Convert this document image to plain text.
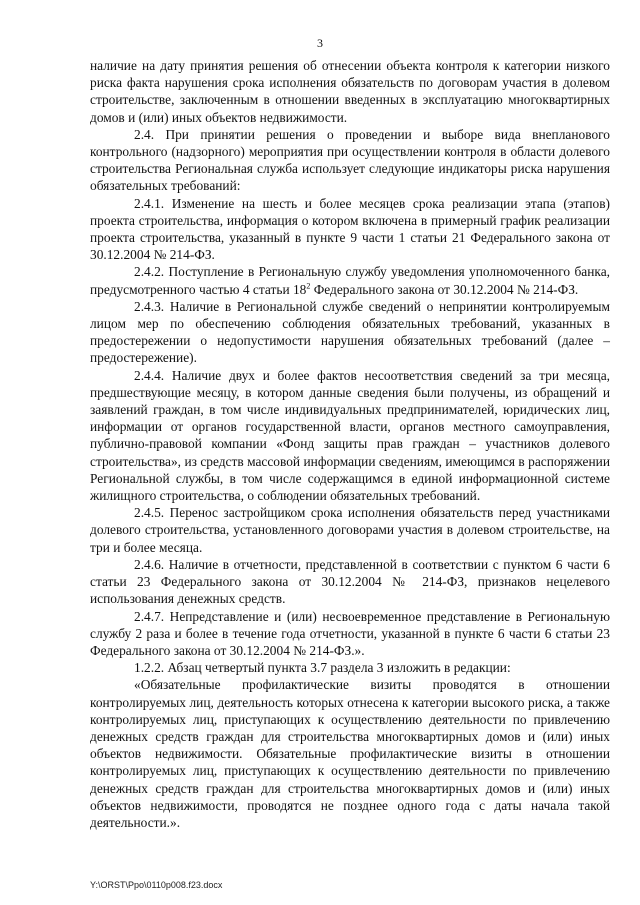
3

наличие на дату принятия решения об отнесении объекта контроля к категории низкого риска факта нарушения срока исполнения обязательств по договорам участия в долевом строительстве, заключенным в отношении введенных в эксплуатацию многоквартирных домов и (или) иных объектов недвижимости.

2.4. При принятии решения о проведении и выборе вида внепланового контрольного (надзорного) мероприятия при осуществлении контроля в области долевого строительства Региональная служба использует следующие индикаторы риска нарушения обязательных требований:

2.4.1. Изменение на шесть и более месяцев срока реализации этапа (этапов) проекта строительства, информация о котором включена в примерный график реализации проекта строительства, указанный в пункте 9 части 1 статьи 21 Федерального закона от 30.12.2004 № 214-ФЗ.

2.4.2. Поступление в Региональную службу уведомления уполномоченного банка, предусмотренного частью 4 статьи $18^2$ Федерального закона от 30.12.2004 № 214-ФЗ.

2.4.3. Наличие в Региональной службе сведений о непринятии контролируемым лицом мер по обеспечению соблюдения обязательных требований, указанных в предостережении о недопустимости нарушения обязательных требований (далее – предостережение).

2.4.4. Наличие двух и более фактов несоответствия сведений за три месяца, предшествующие месяцу, в котором данные сведения были получены, из обращений и заявлений граждан, в том числе индивидуальных предпринимателей, юридических лиц, информации от органов государственной власти, органов местного самоуправления, публично-правовой компании «Фонд защиты прав граждан – участников долевого строительства», из средств массовой информации сведениям, имеющимся в распоряжении Региональной службы, в том числе содержащимся в единой информационной системе жилищного строительства, о соблюдении обязательных требований.

2.4.5. Перенос застройщиком срока исполнения обязательств перед участниками долевого строительства, установленного договорами участия в долевом строительстве, на три и более месяца.

2.4.6. Наличие в отчетности, представленной в соответствии с пунктом 6 части 6 статьи 23 Федерального закона от 30.12.2004 № 214-ФЗ, признаков нецелевого использования денежных средств.

2.4.7. Непредставление и (или) несвоевременное представление в Региональную службу 2 раза и более в течение года отчетности, указанной в пункте 6 части 6 статьи 23 Федерального закона от 30.12.2004 № 214-ФЗ.».

1.2.2. Абзац четвертый пункта 3.7 раздела 3 изложить в редакции:

«Обязательные профилактические визиты проводятся в отношении контролируемых лиц, деятельность которых отнесена к категории высокого риска, а также контролируемых лиц, приступающих к осуществлению деятельности по привлечению денежных средств граждан для строительства многоквартирных домов и (или) иных объектов недвижимости. Обязательные профилактические визиты в отношении контролируемых лиц, приступающих к осуществлению деятельности по привлечению денежных средств граждан для строительства многоквартирных домов и (или) иных объектов недвижимости, проводятся не позднее одного года с даты начала такой деятельности.».

Y:\ORST\Ppo\0110p008.f23.docx
